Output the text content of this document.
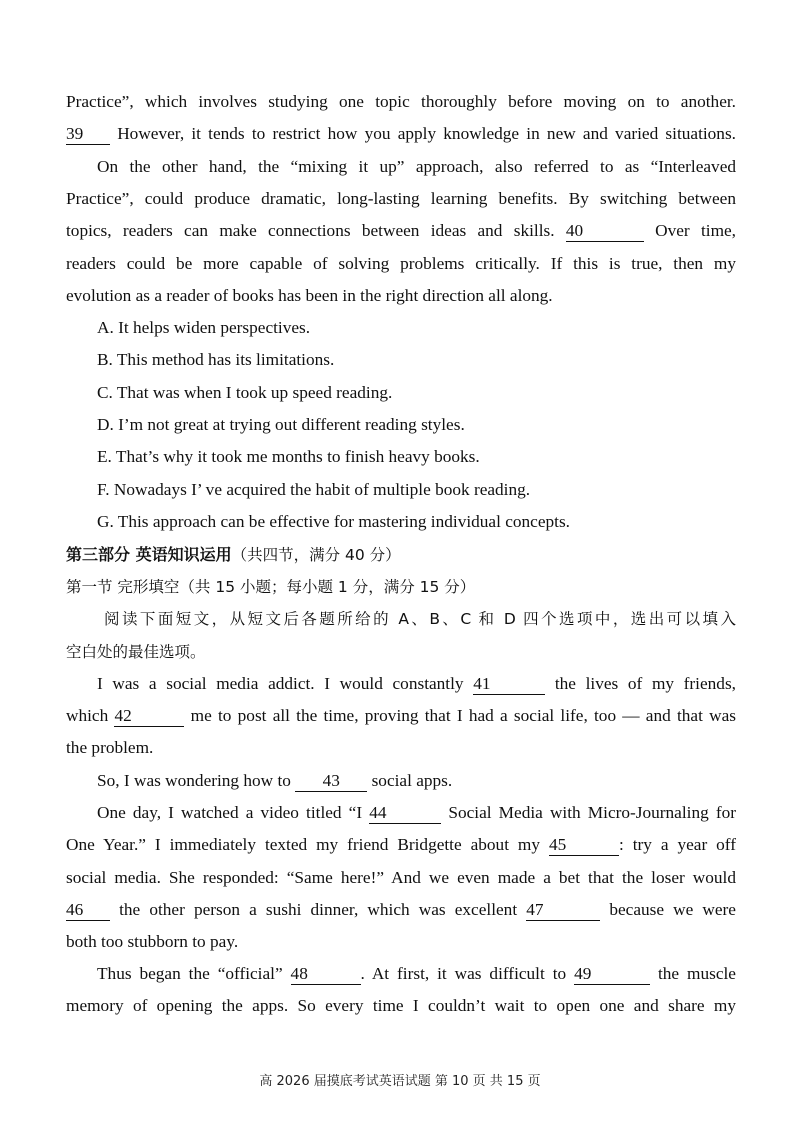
Practice”, which involves studying one topic thoroughly before moving on to another.
39 However, it tends to restrict how you apply knowledge in new and varied situations.
On the other hand, the “mixing it up” approach, also referred to as “Interleaved
Practice”, could produce dramatic, long-lasting learning benefits. By switching between
topics, readers can make connections between ideas and skills. 40	Over time,
readers could be more capable of solving problems critically. If this is true, then my
evolution as a reader of books has been in the right direction all along.
A. It helps widen perspectives.
B. This method has its limitations.
C. That was when I took up speed reading.
D. I’m not great at trying out different reading styles.
E. That’s why it took me months to finish heavy books.
F. Nowadays I’ ve acquired the habit of multiple book reading.
G. This approach can be effective for mastering individual concepts.
第三部分 英语知识运用（共四节，满分 40 分）
第一节 完形填空（共 15 小题；每小题 1 分，满分 15 分）
阅读下面短文，从短文后各题所给的 A、B、C 和 D 四个选项中，选出可以填入
空白处的最佳选项。
I was a social media addict. I would constantly 41	the lives of my friends,
which 42	me to post all the time, proving that I had a social life, too — and that was
the problem.
So, I was wondering how to 43 social apps.
One day, I watched a video titled “I 44	Social Media with Micro-Journaling for
One Year.” I immediately texted my friend Bridgette about my 45	: try a year off
social media. She responded: “Same here!” And we even made a bet that the loser would
46 the other person a sushi dinner, which was excellent 47	because we were
both too stubborn to pay.
Thus began the “official” 48	. At first, it was difficult to 49	the muscle
memory of opening the apps. So every time I couldn’t wait to open one and share my
高 2026 届摸底考试英语试题 第 10 页 共 15 页
